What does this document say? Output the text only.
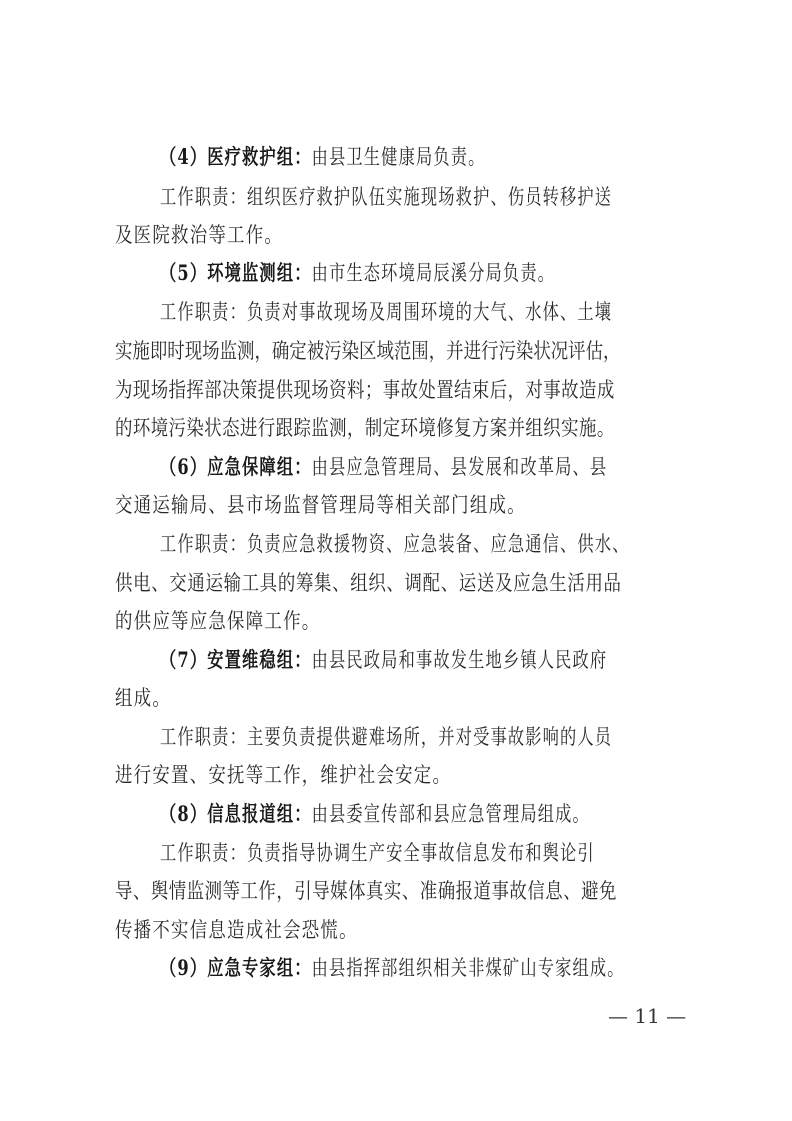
（4）医疗救护组：由县卫生健康局负责。
工作职责：组织医疗救护队伍实施现场救护、伤员转移护送
及医院救治等工作。
（5）环境监测组：由市生态环境局辰溪分局负责。
工作职责：负责对事故现场及周围环境的大气、水体、土壤
实施即时现场监测，确定被污染区域范围，并进行污染状况评估，
为现场指挥部决策提供现场资料；事故处置结束后，对事故造成
的环境污染状态进行跟踪监测，制定环境修复方案并组织实施。
（6）应急保障组：由县应急管理局、县发展和改革局、县
交通运输局、县市场监督管理局等相关部门组成。
工作职责：负责应急救援物资、应急装备、应急通信、供水、
供电、交通运输工具的筹集、组织、调配、运送及应急生活用品
的供应等应急保障工作。
（7）安置维稳组：由县民政局和事故发生地乡镇人民政府
组成。
工作职责：主要负责提供避难场所，并对受事故影响的人员
进行安置、安抚等工作，维护社会安定。
（8）信息报道组：由县委宣传部和县应急管理局组成。
工作职责：负责指导协调生产安全事故信息发布和舆论引
导、舆情监测等工作，引导媒体真实、准确报道事故信息、避免
传播不实信息造成社会恐慌。
（9）应急专家组：由县指挥部组织相关非煤矿山专家组成。
— 11 —
